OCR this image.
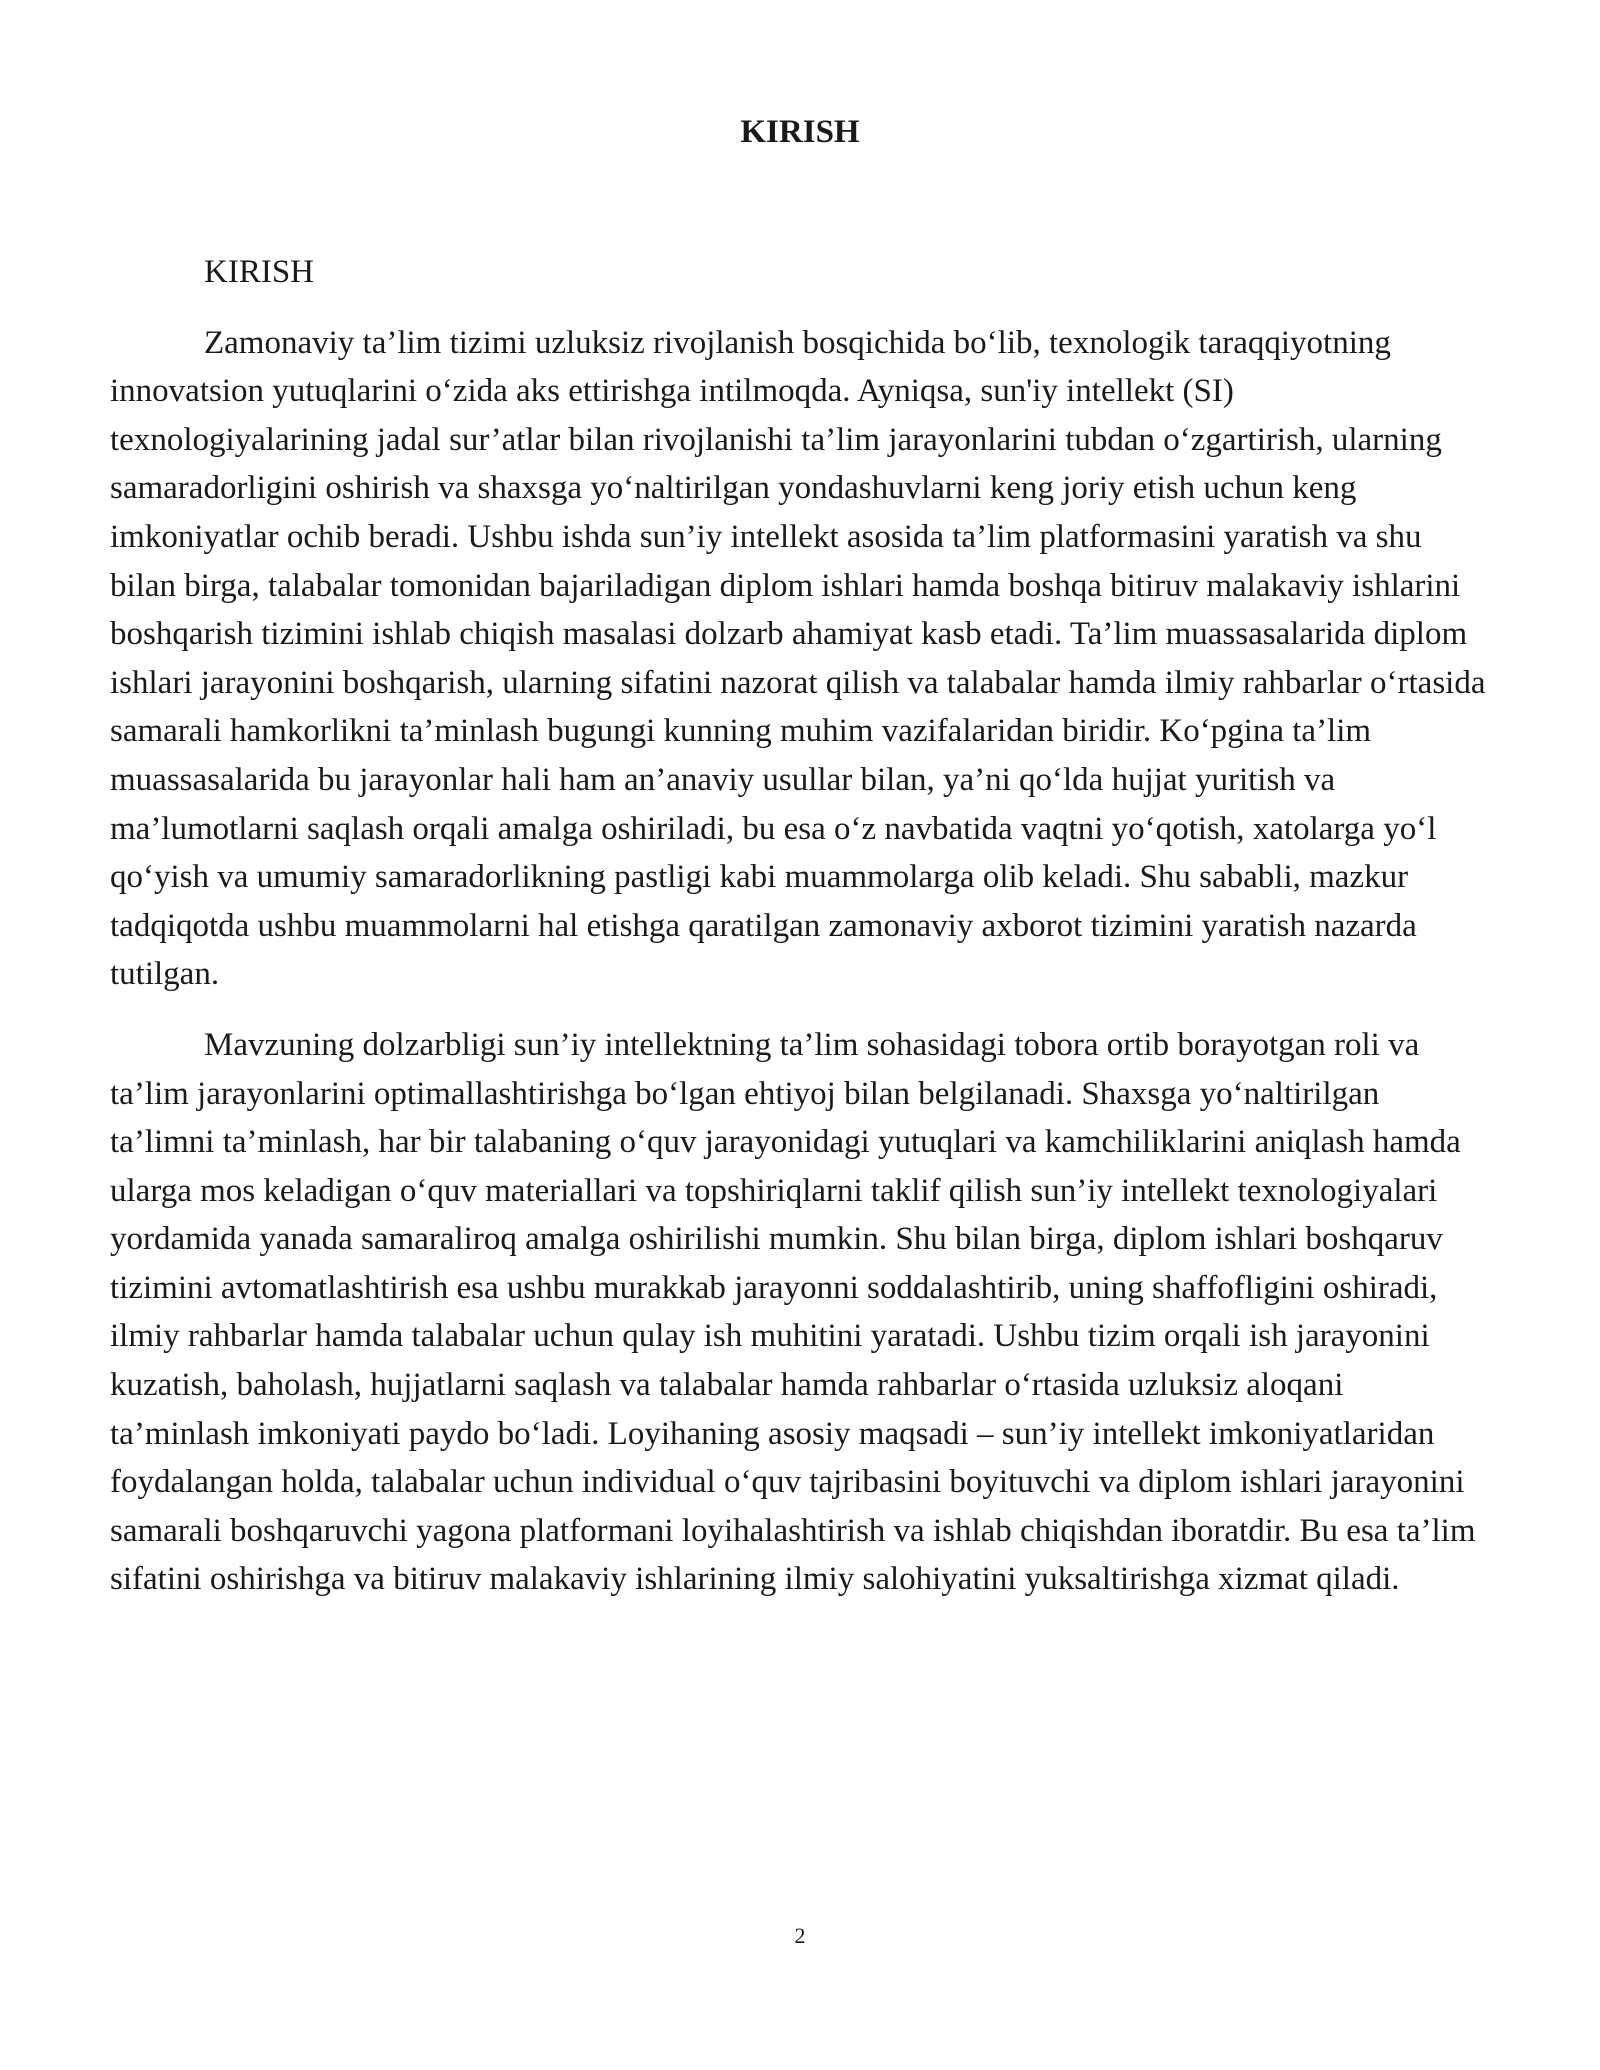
KIRISH

KIRISH

Zamonaviy ta’lim tizimi uzluksiz rivojlanish bosqichida boʻlib, texnologik taraqqiyotning innovatsion yutuqlarini oʻzida aks ettirishga intilmoqda. Ayniqsa, sun'iy intellekt (SI) texnologiyalarining jadal sur’atlar bilan rivojlanishi ta’lim jarayonlarini tubdan oʻzgartirish, ularning samaradorligini oshirish va shaxsga yoʻnaltirilgan yondashuvlarni keng joriy etish uchun keng imkoniyatlar ochib beradi. Ushbu ishda sun’iy intellekt asosida ta’lim platformasini yaratish va shu bilan birga, talabalar tomonidan bajariladigan diplom ishlari hamda boshqa bitiruv malakaviy ishlarini boshqarish tizimini ishlab chiqish masalasi dolzarb ahamiyat kasb etadi. Ta’lim muassasalarida diplom ishlari jarayonini boshqarish, ularning sifatini nazorat qilish va talabalar hamda ilmiy rahbarlar oʻrtasida samarali hamkorlikni ta’minlash bugungi kunning muhim vazifalaridan biridir. Koʻpgina ta’lim muassasalarida bu jarayonlar hali ham an’anaviy usullar bilan, ya’ni qoʻlda hujjat yuritish va ma’lumotlarni saqlash orqali amalga oshiriladi, bu esa oʻz navbatida vaqtni yoʻqotish, xatolarga yoʻl qoʻyish va umumiy samaradorlikning pastligi kabi muammolarga olib keladi. Shu sababli, mazkur tadqiqotda ushbu muammolarni hal etishga qaratilgan zamonaviy axborot tizimini yaratish nazarda tutilgan.

Mavzuning dolzarbligi sun’iy intellektning ta’lim sohasidagi tobora ortib borayotgan roli va ta’lim jarayonlarini optimallashtirishga boʻlgan ehtiyoj bilan belgilanadi. Shaxsga yoʻnaltirilgan ta’limni ta’minlash, har bir talabaning oʻquv jarayonidagi yutuqlari va kamchiliklarini aniqlash hamda ularga mos keladigan oʻquv materiallari va topshiriqlarni taklif qilish sun’iy intellekt texnologiyalari yordamida yanada samaraliroq amalga oshirilishi mumkin. Shu bilan birga, diplom ishlari boshqaruv tizimini avtomatlashtirish esa ushbu murakkab jarayonni soddalashtirib, uning shaffofligini oshiradi, ilmiy rahbarlar hamda talabalar uchun qulay ish muhitini yaratadi. Ushbu tizim orqali ish jarayonini kuzatish, baholash, hujjatlarni saqlash va talabalar hamda rahbarlar oʻrtasida uzluksiz aloqani ta’minlash imkoniyati paydo boʻladi. Loyihaning asosiy maqsadi – sun’iy intellekt imkoniyatlaridan foydalangan holda, talabalar uchun individual oʻquv tajribasini boyituvchi va diplom ishlari jarayonini samarali boshqaruvchi yagona platformani loyihalashtirish va ishlab chiqishdan iboratdir. Bu esa ta’lim sifatini oshirishga va bitiruv malakaviy ishlarining ilmiy salohiyatini yuksaltirishga xizmat qiladi.

2
